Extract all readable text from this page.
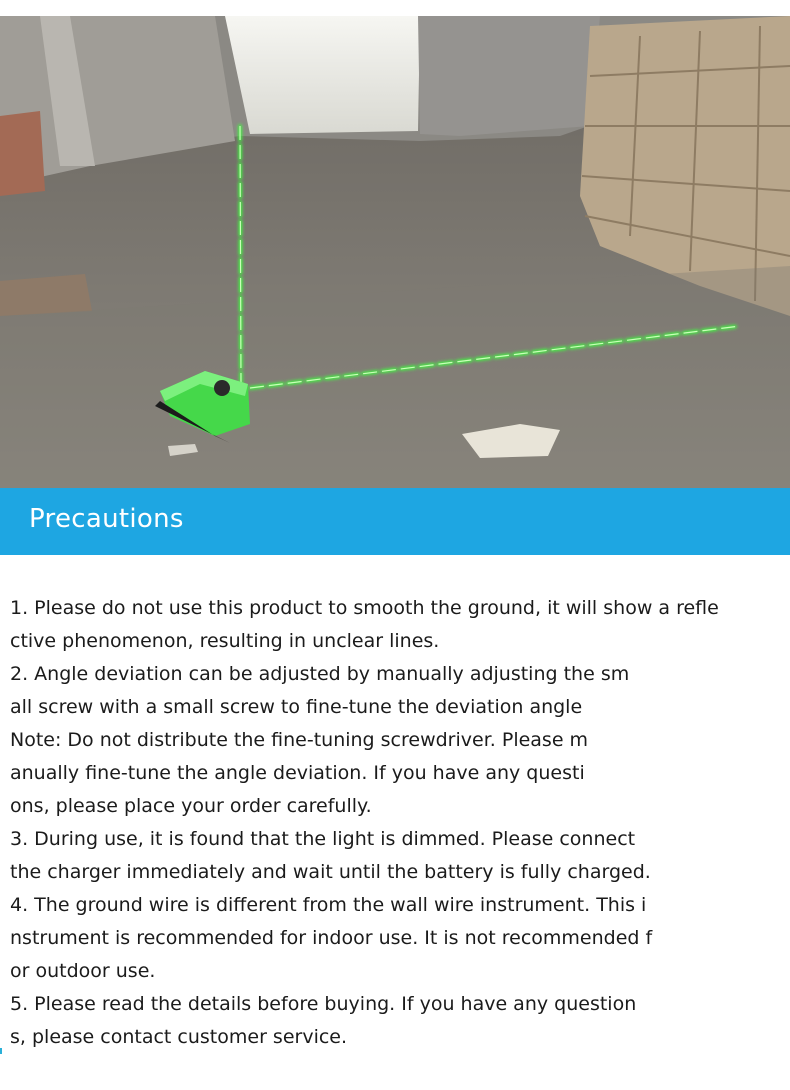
Precautions
1. Please do not use this product to smooth the ground, it will show a refle
ctive phenomenon, resulting in unclear lines.
2. Angle deviation can be adjusted by manually adjusting the sm
all screw with a small screw to fine-tune the deviation angle
Note: Do not distribute the fine-tuning screwdriver. Please m
anually fine-tune the angle deviation. If you have any questi
ons, please place your order carefully.
3. During use, it is found that the light is dimmed. Please connect
the charger immediately and wait until the battery is fully charged.
4. The ground wire is different from the wall wire instrument. This i
nstrument is recommended for indoor use. It is not recommended f
or outdoor use.
5. Please read the details before buying. If you have any question
s, please contact customer service.
